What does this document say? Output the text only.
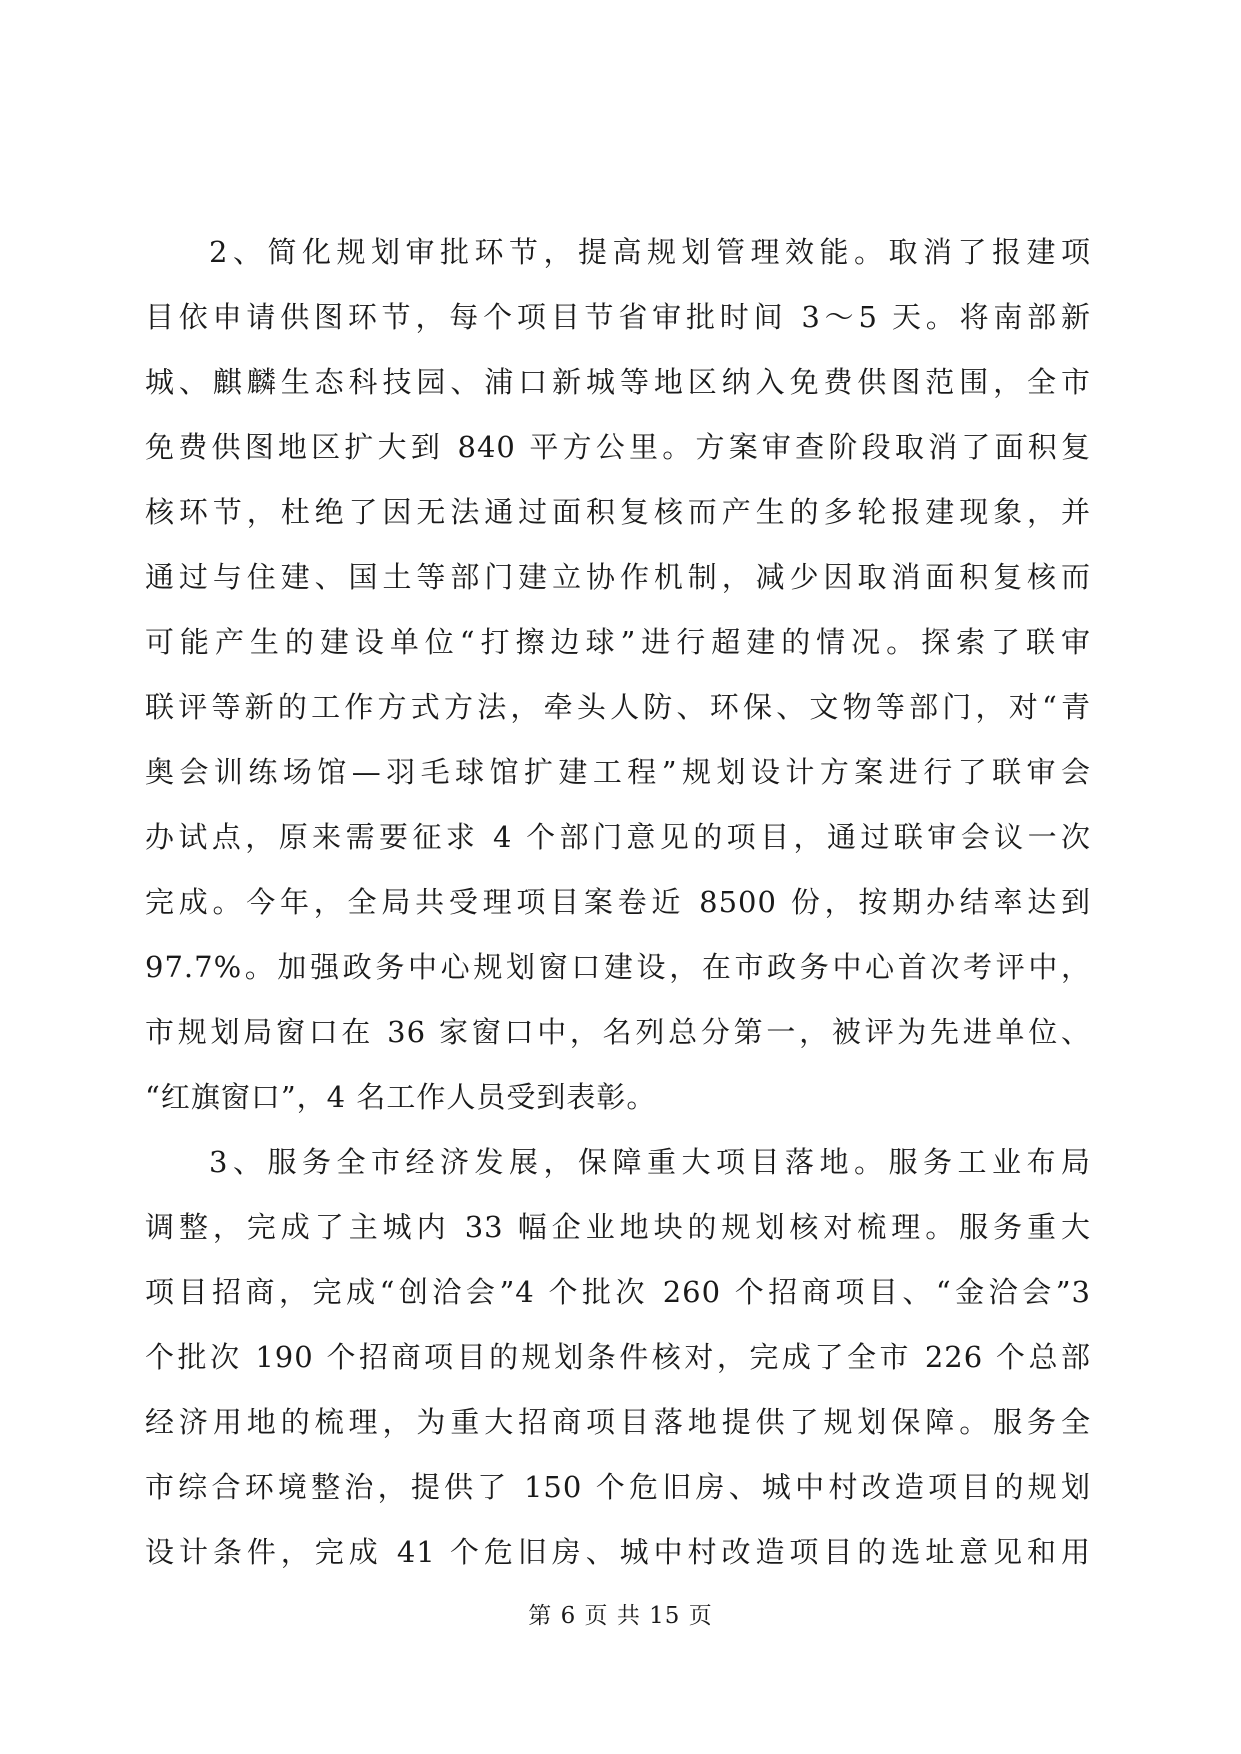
2、简化规划审批环节，提高规划管理效能。取消了报建项
目依申请供图环节，每个项目节省审批时间 3～5 天。将南部新
城、麒麟生态科技园、浦口新城等地区纳入免费供图范围，全市
免费供图地区扩大到 840 平方公里。方案审查阶段取消了面积复
核环节，杜绝了因无法通过面积复核而产生的多轮报建现象，并
通过与住建、国土等部门建立协作机制，减少因取消面积复核而
可能产生的建设单位“打擦边球”进行超建的情况。探索了联审
联评等新的工作方式方法，牵头人防、环保、文物等部门，对“青
奥会训练场馆—羽毛球馆扩建工程”规划设计方案进行了联审会
办试点，原来需要征求 4 个部门意见的项目，通过联审会议一次
完成。今年，全局共受理项目案卷近 8500 份，按期办结率达到
97.7%。加强政务中心规划窗口建设，在市政务中心首次考评中，
市规划局窗口在 36 家窗口中，名列总分第一，被评为先进单位、
“红旗窗口”，4 名工作人员受到表彰。
3、服务全市经济发展，保障重大项目落地。服务工业布局
调整，完成了主城内 33 幅企业地块的规划核对梳理。服务重大
项目招商，完成“创洽会”4 个批次 260 个招商项目、“金洽会”3
个批次 190 个招商项目的规划条件核对，完成了全市 226 个总部
经济用地的梳理，为重大招商项目落地提供了规划保障。服务全
市综合环境整治，提供了 150 个危旧房、城中村改造项目的规划
设计条件，完成 41 个危旧房、城中村改造项目的选址意见和用
第 6 页 共 15 页
